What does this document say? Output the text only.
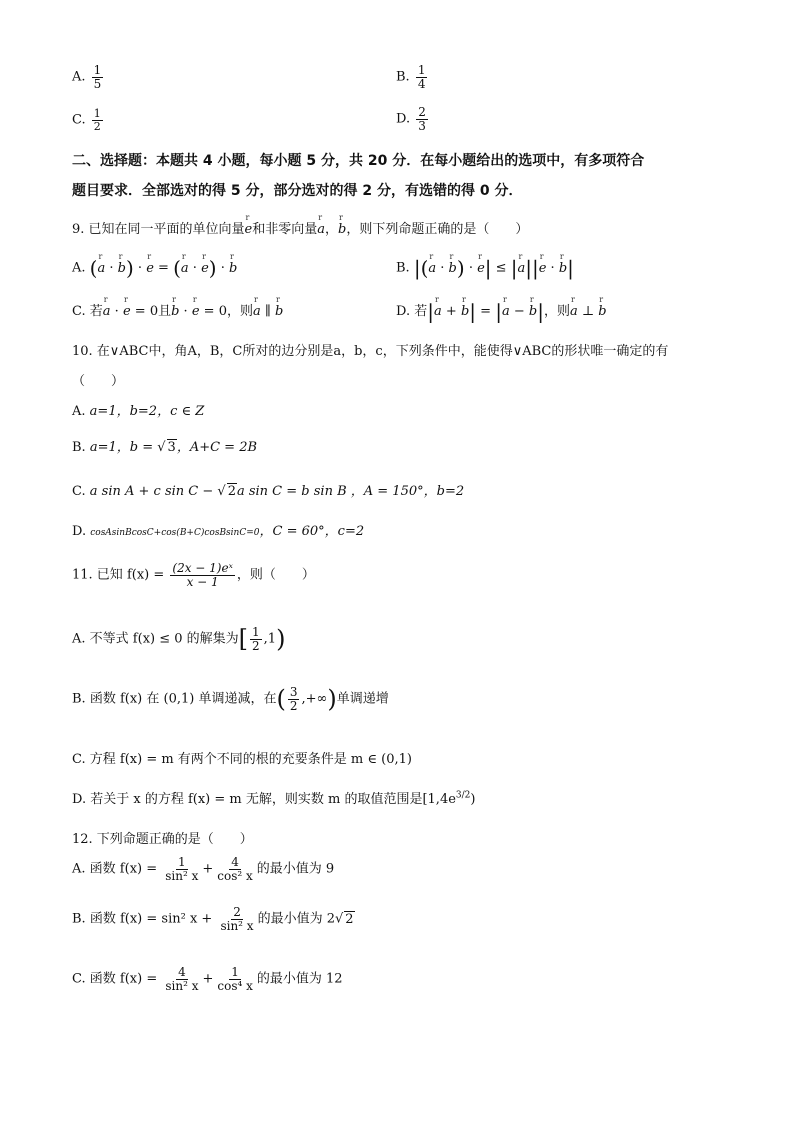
A. $\frac{1}{5}$	B. $\frac{1}{4}$
C. $\frac{1}{2}$	D. $\frac{2}{3}$
二、选择题：本题共 4 小题，每小题 5 分，共 20 分．在每小题给出的选项中，有多项符合
题目要求．全部选对的得 5 分，部分选对的得 2 分，有选错的得 0 分．
9. 已知在同一平面的单位向量r e和非零向量r a，r b，则下列命题正确的是（　　）
A. (r a · r b) · r e = (r a · r e) · r b	B. |(r a · r b) · r e| ≤ |r a||r e · r b|
C. 若r a · r e = 0且r b · r e = 0，则r a ∥ r b	D. 若|r a + r b| = |r a − r b|，则r a ⊥ r b
10. 在∨ABC中，角A，B，C所对的边分别是a，b，c，下列条件中，能使得∨ABC的形状唯一确定的有
（　　）
A. a=1，b=2，c ∈ Z
B. a=1，b = √ 3，A+C = 2B
C. a sin A + c sin C − √ 2a sin C = b sin B ，A = 150°，b=2
D. cosAsinBcosC+cos(B+C)cosBsinC=0，C = 60°，c=2
11. 已知 $f(x) = \frac{\text{(2x − 1)eˣ}}{x - 1}$ ，则（　　）
A. 不等式 f(x) ≤ 0 的解集为[ $\frac{1}{2} ,1$)
B. 函数 f(x) 在 (0,1) 单调递减，在( $\frac{3}{2}$ ,+∞)单调递增
C. 方程 f(x) = m 有两个不同的根的充要条件是 m ∈ (0,1)
D. 若关于 x 的方程 f(x) = m 无解，则实数 m 的取值范围是$[1,4e^{3/2})$
12. 下列命题正确的是（　　）
A. 函数 $f(x) = \frac{1}{\text{sin² x}} + \frac{4}{\text{cos² x}}$ 的最小值为 9
B. 函数 f(x) = sin² $x + \frac{2}{\text{sin² x}}$ 的最小值为 2√ 2
C. 函数 $f(x) = \frac{4}{\text{sin² x}} + \frac{1}{\text{cos⁴ x}}$ 的最小值为 12
